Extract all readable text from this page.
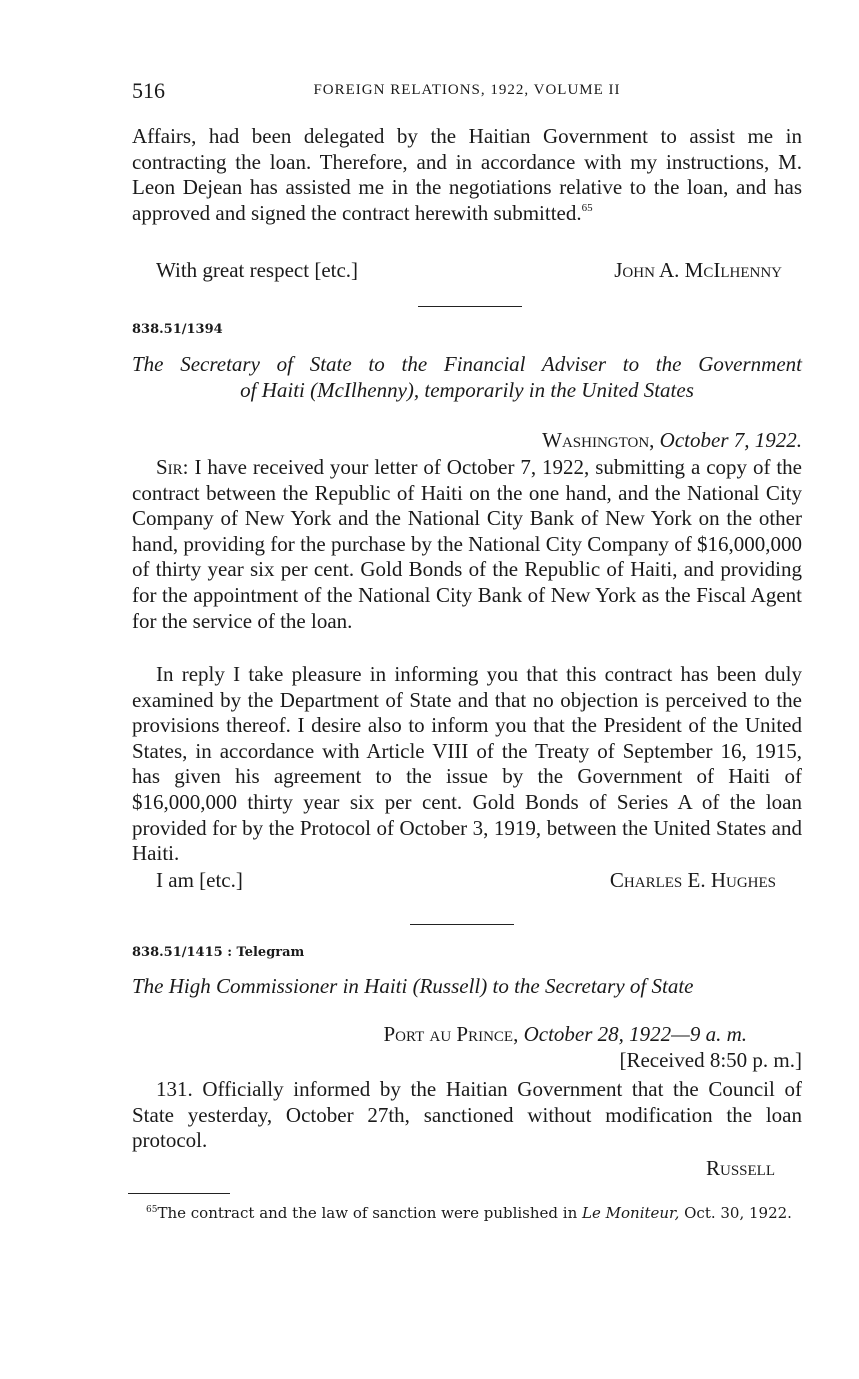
516	FOREIGN RELATIONS, 1922, VOLUME II
Affairs, had been delegated by the Haitian Government to assist me in contracting the loan. Therefore, and in accordance with my instructions, M. Leon Dejean has assisted me in the negotiations relative to the loan, and has approved and signed the contract herewith submitted.$^{65}$
With great respect [etc.]	John A. McIlhenny
838.51/1394
The Secretary of State to the Financial Adviser to the Government
of Haiti (McIlhenny), temporarily in the United States
Washington, October 7, 1922.
Sir: I have received your letter of October 7, 1922, submitting a copy of the contract between the Republic of Haiti on the one hand, and the National City Company of New York and the National City Bank of New York on the other hand, providing for the purchase by the National City Company of $16,000,000 of thirty year six per cent. Gold Bonds of the Republic of Haiti, and providing for the appointment of the National City Bank of New York as the Fiscal Agent for the service of the loan.
In reply I take pleasure in informing you that this contract has been duly examined by the Department of State and that no objection is perceived to the provisions thereof. I desire also to inform you that the President of the United States, in accordance with Article VIII of the Treaty of September 16, 1915, has given his agreement to the issue by the Government of Haiti of $16,000,000 thirty year six per cent. Gold Bonds of Series A of the loan provided for by the Protocol of October 3, 1919, between the United States and Haiti.
I am [etc.]	Charles E. Hughes
838.51/1415 : Telegram
The High Commissioner in Haiti (Russell) to the Secretary of State
Port au Prince, October 28, 1922—9 a. m.
[Received 8:50 p. m.]
131. Officially informed by the Haitian Government that the Council of State yesterday, October 27th, sanctioned without modification the loan protocol.
Russell
$^{65}$The contract and the law of sanction were published in Le Moniteur, Oct. 30, 1922.
